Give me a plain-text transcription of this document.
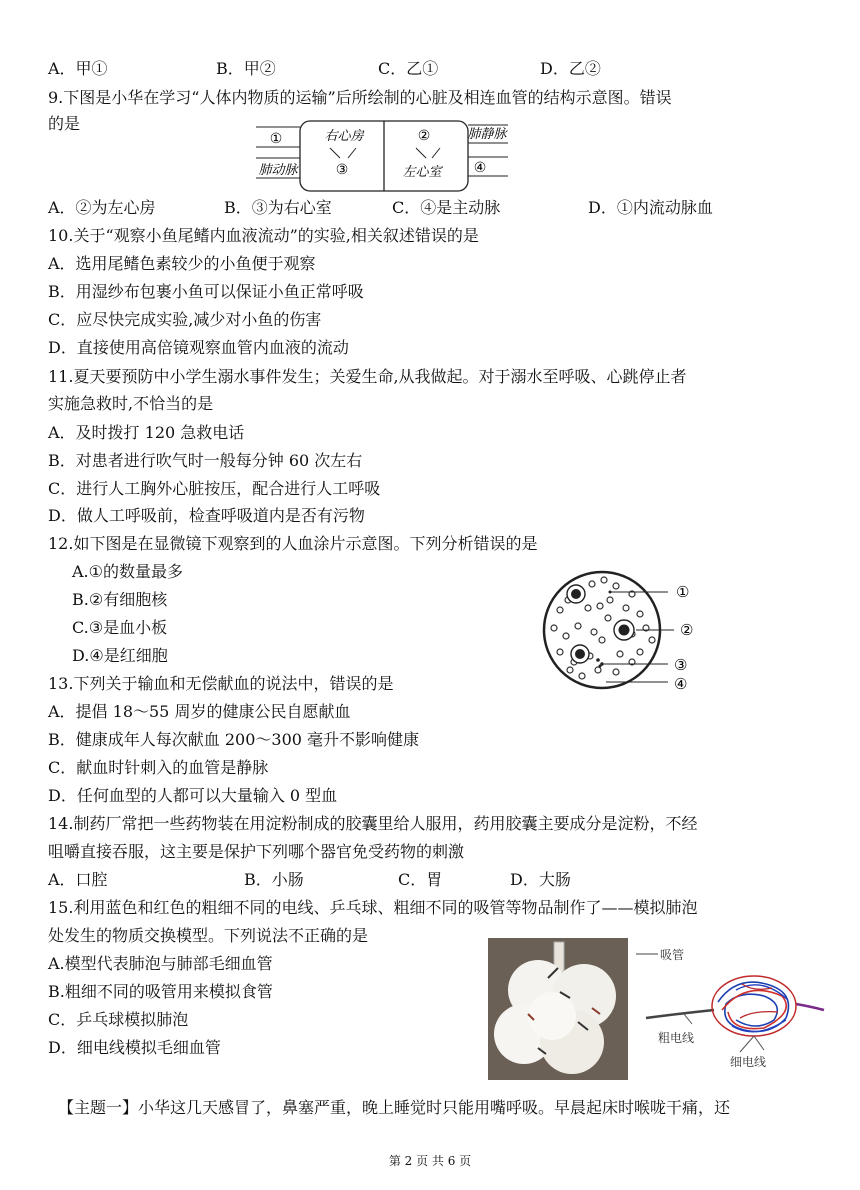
A．甲①	B．甲②	C．乙①	D．乙②
9.下图是小华在学习“人体内物质的运输”后所绘制的心脏及相连血管的结构示意图。错误
的是
①	右心房	②	肺静脉
肺动脉	③	左心室 ④
A．②为左心房	B．③为右心室	C．④是主动脉	D．①内流动脉血
10.关于“观察小鱼尾鳍内血液流动”的实验,相关叙述错误的是
A．选用尾鳍色素较少的小鱼便于观察
B．用湿纱布包裹小鱼可以保证小鱼正常呼吸
C．应尽快完成实验,减少对小鱼的伤害
D．直接使用高倍镜观察血管内血液的流动
11.夏天要预防中小学生溺水事件发生；关爱生命,从我做起。对于溺水至呼吸、心跳停止者
实施急救时,不恰当的是
A．及时拨打 120 急救电话
B．对患者进行吹气时一般每分钟 60 次左右
C．进行人工胸外心脏按压，配合进行人工呼吸
D．做人工呼吸前，检查呼吸道内是否有污物
12.如下图是在显微镜下观察到的人血涂片示意图。下列分析错误的是
A.①的数量最多
B.②有细胞核
C.③是血小板
D.④是红细胞
①
②
③
④
13.下列关于输血和无偿献血的说法中，错误的是
A．提倡 18～55 周岁的健康公民自愿献血
B．健康成年人每次献血 200～300 毫升不影响健康
C．献血时针刺入的血管是静脉
D．任何血型的人都可以大量输入 0 型血
14.制药厂常把一些药物装在用淀粉制成的胶囊里给人服用，药用胶囊主要成分是淀粉，不经
咀嚼直接吞服，这主要是保护下列哪个器官免受药物的刺激
A．口腔	B．小肠	C．胃	D．大肠
15.利用蓝色和红色的粗细不同的电线、乒乓球、粗细不同的吸管等物品制作了——模拟肺泡
处发生的物质交换模型。下列说法不正确的是
A.模型代表肺泡与肺部毛细血管
B.粗细不同的吸管用来模拟食管
C．乒乓球模拟肺泡
D．细电线模拟毛细血管
吸管
粗电线
细电线
【主题一】小华这几天感冒了，鼻塞严重，晚上睡觉时只能用嘴呼吸。早晨起床时喉咙干痛，还
第 2 页 共 6 页
